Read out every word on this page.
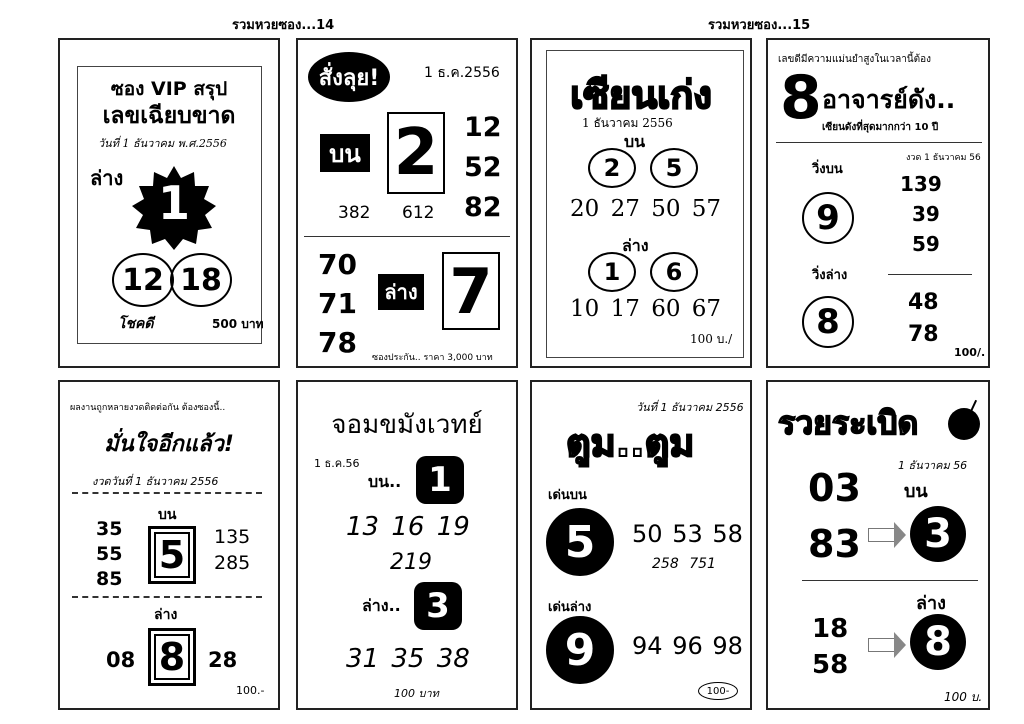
รวมหวยซอง...14	รวมหวยซอง...15
ซอง VIP สรุป
เลขเฉียบขาด
วันที่ 1 ธันวาคม พ.ศ.2556
ล่าง 1
12 18
โชคดี	500 บาท
สั่งลุย!	1 ธ.ค.2556
บน 2 12
52
82
382 612
70
71
78
ล่าง 7
ซองประกัน.. ราคา 3,000 บาท
เซียนเก่ง
1 ธันวาคม 2556
บน
2	5
20 27 50 57
ล่าง
1	6
10 17 60 67
100 บ./
เลขดีมีความแม่นยำสูงในเวลานี้ต้อง
8 อาจารย์ดัง..
เซียนดังที่สุดมากกว่า 10 ปี
งวด 1 ธันวาคม 56
วิ่งบน
9
139
39
59
วิ่งล่าง
8	48
78
100/.
ผลงานถูกหลายงวดติดต่อกัน ต้องซองนี้..
มั่นใจอีกแล้ว!
งวดวันที่ 1 ธันวาคม 2556
บน
35
55
85
5	135
285
ล่าง
08 8	28
100.-
จอมขมังเวทย์
1 ธ.ค.56
บน.. 1
13 16 19
219
ล่าง.. 3
31 35 38
100 บาท
วันที่ 1 ธันวาคม 2556
ตูม..ตูม
เด่นบน
5	50 53 58
258 751
เด่นล่าง
9	94 96 98
100-
รวยระเบิด
1 ธันวาคม 56
03 บน
83	3
ล่าง
18
58	8
100 บ.
